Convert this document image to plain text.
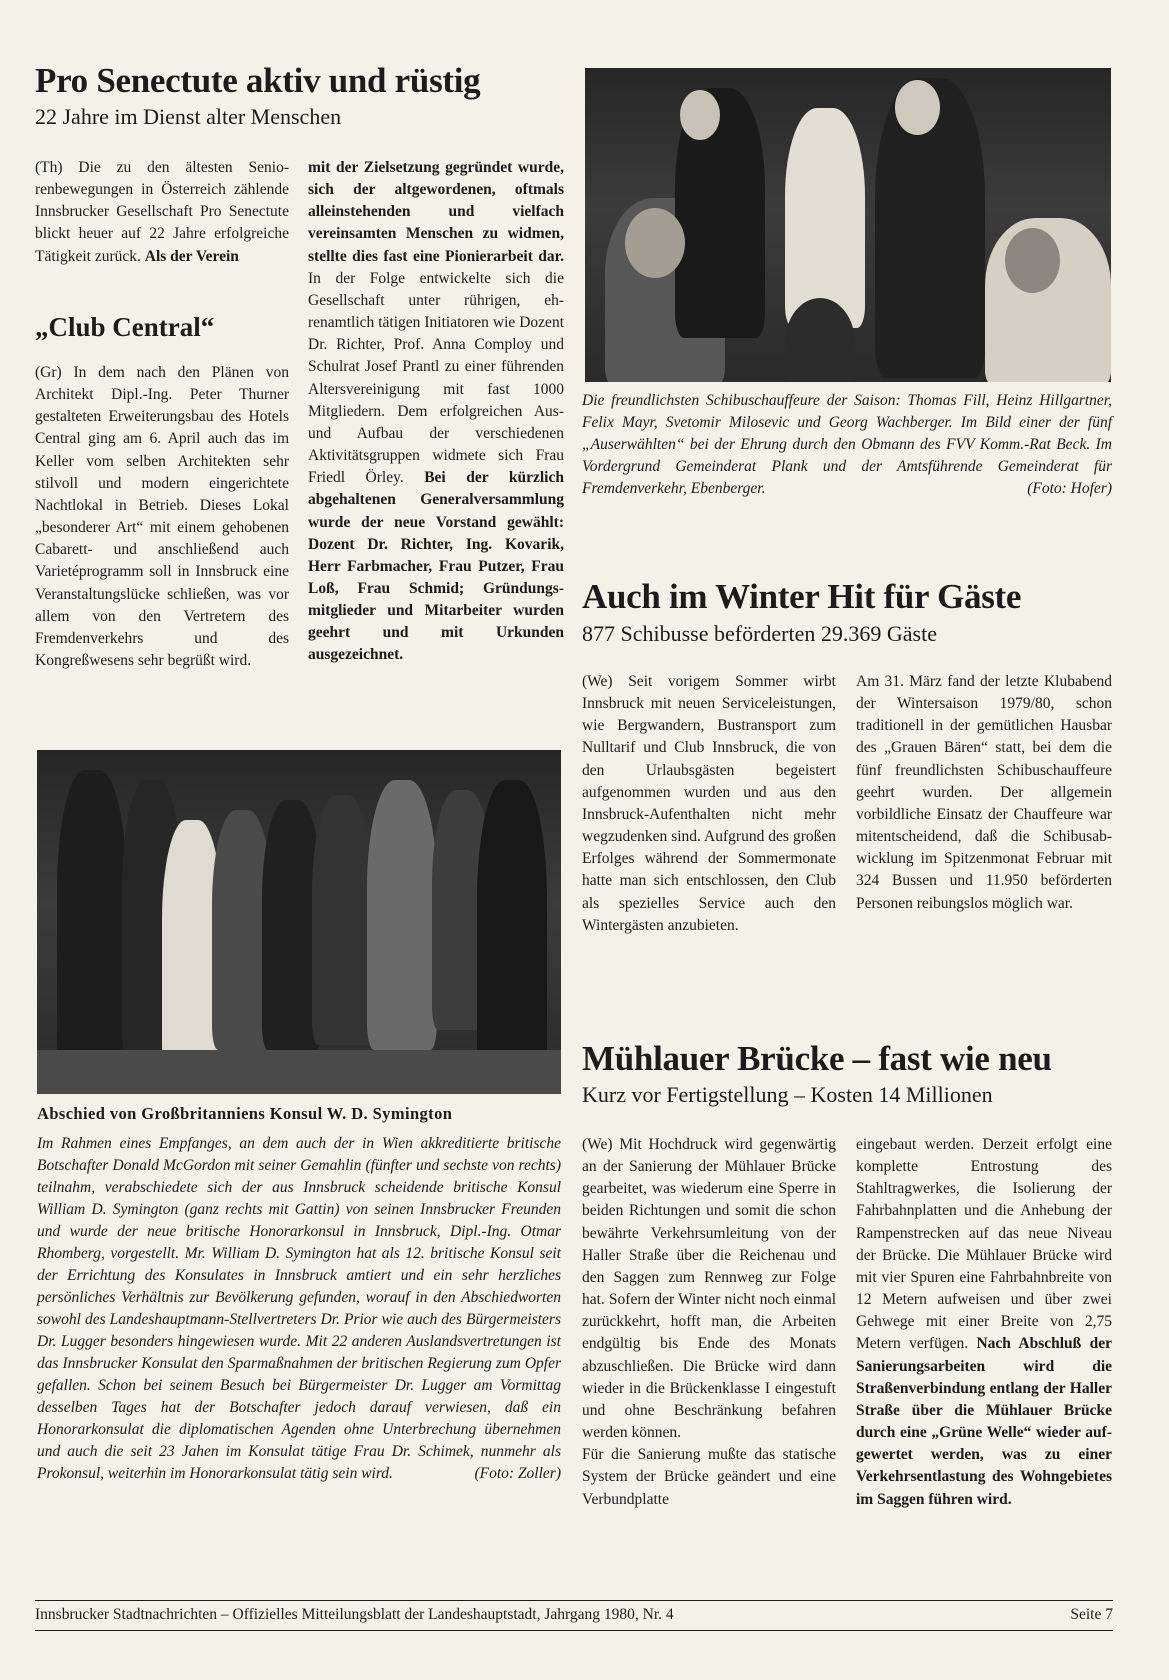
Pro Senectute aktiv und rüstig
22 Jahre im Dienst alter Menschen

(Th) Die zu den ältesten Seniorenbewegungen in Österreich zählende Innsbrucker Gesellschaft Pro Senectute blickt heuer auf 22 Jahre erfolgreiche Tätigkeit zurück. Als der Verein

mit der Zielsetzung gegründet wurde, sich der altgewordenen, oftmals alleinstehenden und vielfach vereinsamten Menschen zu widmen, stellte dies fast eine Pionierarbeit dar. In der Folge entwickelte sich die Gesellschaft unter rührigen, ehrenamtlich tätigen Initiatoren wie Dozent Dr. Richter, Prof. Anna Comploy und Schulrat Josef Prantl zu einer führenden Altersvereinigung mit fast 1000 Mitgliedern. Dem erfolgreichen Aus- und Aufbau der verschiedenen Aktivitätsgruppen widmete sich Frau Friedl Örley. Bei der kürzlich abgehaltenen Generalversammlung wurde der neue Vorstand gewählt: Dozent Dr. Richter, Ing. Kovarik, Herr Farbmacher, Frau Putzer, Frau Loß, Frau Schmid; Gründungsmitglieder und Mitarbeiter wurden geehrt und mit Urkunden ausgezeichnet.

„Club Central“

(Gr) In dem nach den Plänen von Architekt Dipl.-Ing. Peter Thurner gestalteten Erweiterungsbau des Hotels Central ging am 6. April auch das im Keller vom selben Architekten sehr stilvoll und modern eingerichtete Nachtlokal in Betrieb. Dieses Lokal „besonderer Art“ mit einem gehobenen Cabarett- und anschließend auch Varietéprogramm soll in Innsbruck eine Veranstaltungslücke schließen, was vor allem von den Vertretern des Fremdenverkehrs und des Kongreßwesens sehr begrüßt wird.

Die freundlichsten Schibuschauffeure der Saison: Thomas Fill, Heinz Hillgartner, Felix Mayr, Svetomir Milosevic und Georg Wachberger. Im Bild einer der fünf „Auserwählten“ bei der Ehrung durch den Obmann des FVV Komm.-Rat Beck. Im Vordergrund Gemeinderat Plank und der Amtsführende Gemeinderat für Fremdenverkehr, Ebenberger.	(Foto: Hofer)
Auch im Winter Hit für Gäste
877 Schibusse beförderten 29.369 Gäste

(We) Seit vorigem Sommer wirbt Innsbruck mit neuen Serviceleistungen, wie Bergwandern, Bustransport zum Nulltarif und Club Innsbruck, die von den Urlaubsgästen begeistert aufgenommen wurden und aus den Innsbruck-Aufenthalten nicht mehr wegzudenken sind. Aufgrund des großen Erfolges während der Sommermonate hatte man sich entschlossen, den Club als spezielles Service auch den Wintergästen anzubieten.

Am 31. März fand der letzte Klubabend der Wintersaison 1979/80, schon traditionell in der gemütlichen Hausbar des „Grauen Bären“ statt, bei dem die fünf freundlichsten Schibuschauffeure geehrt wurden. Der allgemein vorbildliche Einsatz der Chauffeure war mitentscheidend, daß die Schibusabwicklung im Spitzenmonat Februar mit 324 Bussen und 11.950 beförderten Personen reibungslos möglich war.

Abschied von Großbritanniens Konsul W. D. Symington
Im Rahmen eines Empfanges, an dem auch der in Wien akkreditierte britische Botschafter Donald McGordon mit seiner Gemahlin (fünfter und sechste von rechts) teilnahm, verabschiedete sich der aus Innsbruck scheidende britische Konsul William D. Symington (ganz rechts mit Gattin) von seinen Innsbrucker Freunden und wurde der neue britische Honorarkonsul in Innsbruck, Dipl.-Ing. Otmar Rhomberg, vorgestellt. Mr. William D. Symington hat als 12. britische Konsul seit der Errichtung des Konsulates in Innsbruck amtiert und ein sehr herzliches persönliches Verhältnis zur Bevölkerung gefunden, worauf in den Abschiedworten sowohl des Landeshauptmann-Stellvertreters Dr. Prior wie auch des Bürgermeisters Dr. Lugger besonders hingewiesen wurde. Mit 22 anderen Auslandsvertretungen ist das Innsbrucker Konsulat den Sparmaßnahmen der britischen Regierung zum Opfer gefallen. Schon bei seinem Besuch bei Bürgermeister Dr. Lugger am Vormittag desselben Tages hat der Botschafter jedoch darauf verwiesen, daß ein Honorarkonsulat die diplomatischen Agenden ohne Unterbrechung übernehmen und auch die seit 23 Jahen im Konsulat tätige Frau Dr. Schimek, nunmehr als Prokonsul, weiterhin im Honorarkonsulat tätig sein wird.	(Foto: Zoller)
Mühlauer Brücke – fast wie neu
Kurz vor Fertigstellung – Kosten 14 Millionen

(We) Mit Hochdruck wird gegenwärtig an der Sanierung der Mühlauer Brücke gearbeitet, was wiederum eine Sperre in beiden Richtungen und somit die schon bewährte Verkehrsumleitung von der Haller Straße über die Reichenau und den Saggen zum Rennweg zur Folge hat. Sofern der Winter nicht noch einmal zurückkehrt, hofft man, die Arbeiten endgültig bis Ende des Monats abzuschließen. Die Brücke wird dann wieder in die Brückenklasse I eingestuft und ohne Beschränkung befahren werden können.

Für die Sanierung mußte das statische System der Brücke geändert und eine Verbundplatte

eingebaut werden. Derzeit erfolgt eine komplette Entrostung des Stahltragwerkes, die Isolierung der Fahrbahnplatten und die Anhebung der Rampenstrecken auf das neue Niveau der Brücke. Die Mühlauer Brücke wird mit vier Spuren eine Fahrbahnbreite von 12 Metern aufweisen und über zwei Gehwege mit einer Breite von 2,75 Metern verfügen. Nach Abschluß der Sanierungsarbeiten wird die Straßenverbindung entlang der Haller Straße über die Mühlauer Brücke durch eine „Grüne Welle“ wieder aufgewertet werden, was zu einer Verkehrsentlastung des Wohngebietes im Saggen führen wird.

Innsbrucker Stadtnachrichten – Offizielles Mitteilungsblatt der Landeshauptstadt, Jahrgang 1980, Nr. 4	Seite 7
